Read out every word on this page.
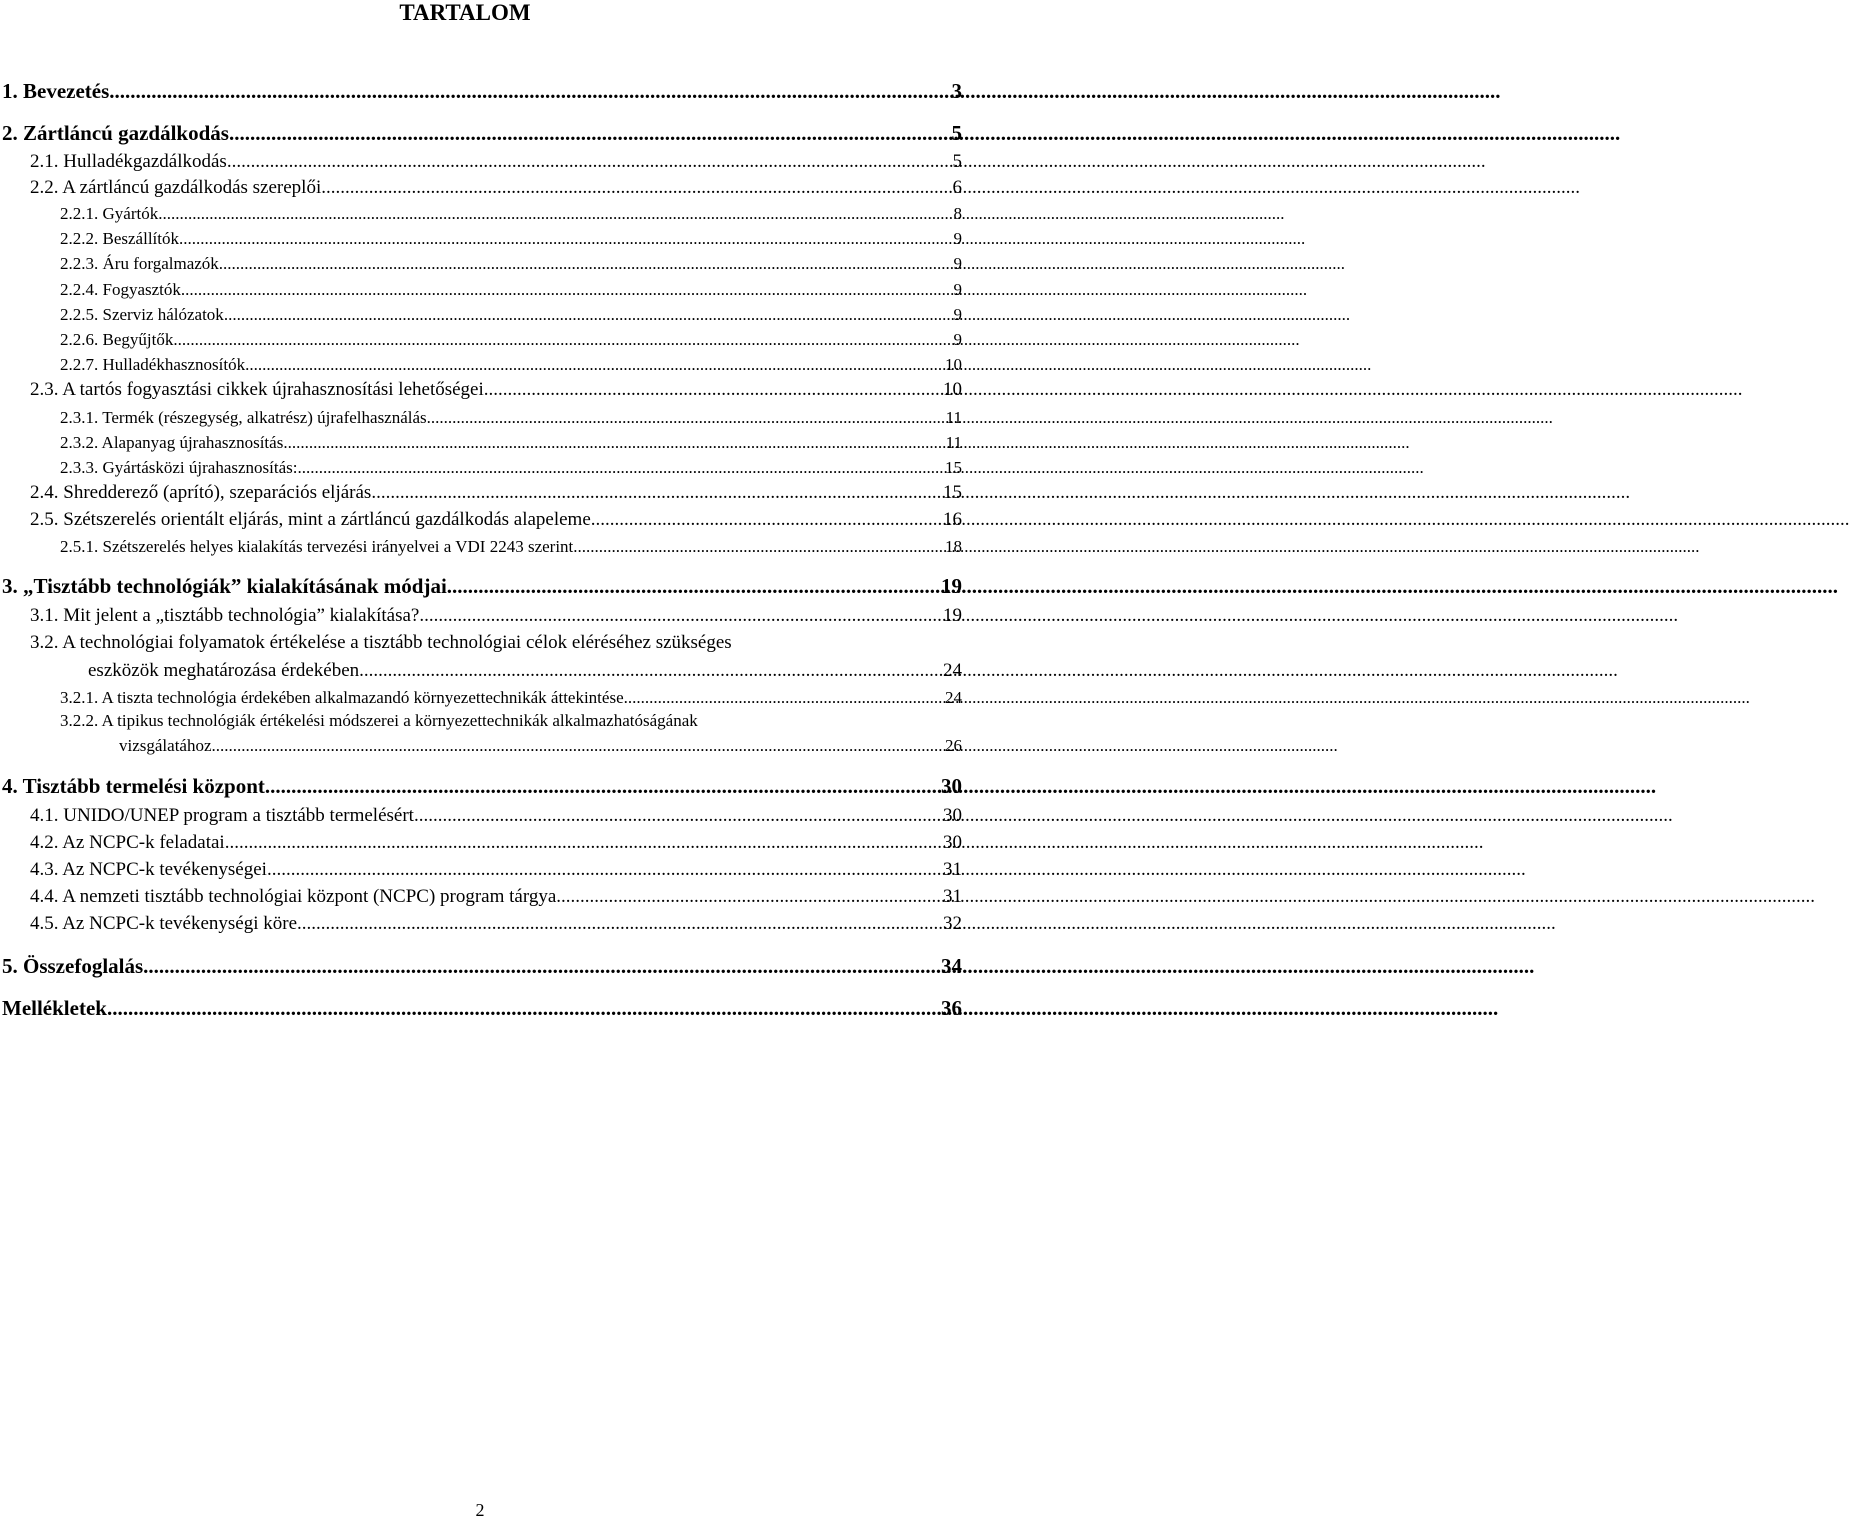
TARTALOM
1. Bevezetés .....	3
2. Zártláncú gazdálkodás .....	5
2.1. Hulladékgazdálkodás .....	5
2.2. A zártláncú gazdálkodás szereplői .....	6
2.2.1. Gyártók .....	8
2.2.2. Beszállítók .....	9
2.2.3. Áru forgalmazók .....	9
2.2.4. Fogyasztók .....	9
2.2.5. Szerviz hálózatok .....	9
2.2.6. Begyűjtők .....	9
2.2.7. Hulladékhasznosítók .....	10
2.3. A tartós fogyasztási cikkek újrahasznosítási lehetőségei .....	10
2.3.1. Termék (részegység, alkatrész) újrafelhasználás .....	11
2.3.2. Alapanyag újrahasznosítás .....	11
2.3.3. Gyártásközi újrahasznosítás: .....	15
2.4. Shredderező (aprító), szeparációs eljárás .....	15
2.5. Szétszerelés orientált eljárás, mint a zártláncú gazdálkodás alapeleme .....	16
2.5.1. Szétszerelés helyes kialakítás tervezési irányelvei a VDI 2243 szerint .....	18
3. „Tisztább technológiák” kialakításának módjai .....	19
3.1. Mit jelent a „tisztább technológia” kialakítása? .....	19
3.2. A technológiai folyamatok értékelése a tisztább technológiai célok eléréséhez szükséges
eszközök meghatározása érdekében .....	24
3.2.1. A tiszta technológia érdekében alkalmazandó környezettechnikák áttekintése .....	24
3.2.2. A tipikus technológiák értékelési módszerei a környezettechnikák alkalmazhatóságának
vizsgálatához .....	26
4. Tisztább termelési központ .....	30
4.1. UNIDO/UNEP program a tisztább termelésért .....	30
4.2. Az NCPC-k feladatai .....	30
4.3. Az NCPC-k tevékenységei .....	31
4.4. A nemzeti tisztább technológiai központ (NCPC) program tárgya .....	31
4.5. Az NCPC-k tevékenységi köre .....	32
5. Összefoglalás .....	34
Mellékletek .....	36
2
